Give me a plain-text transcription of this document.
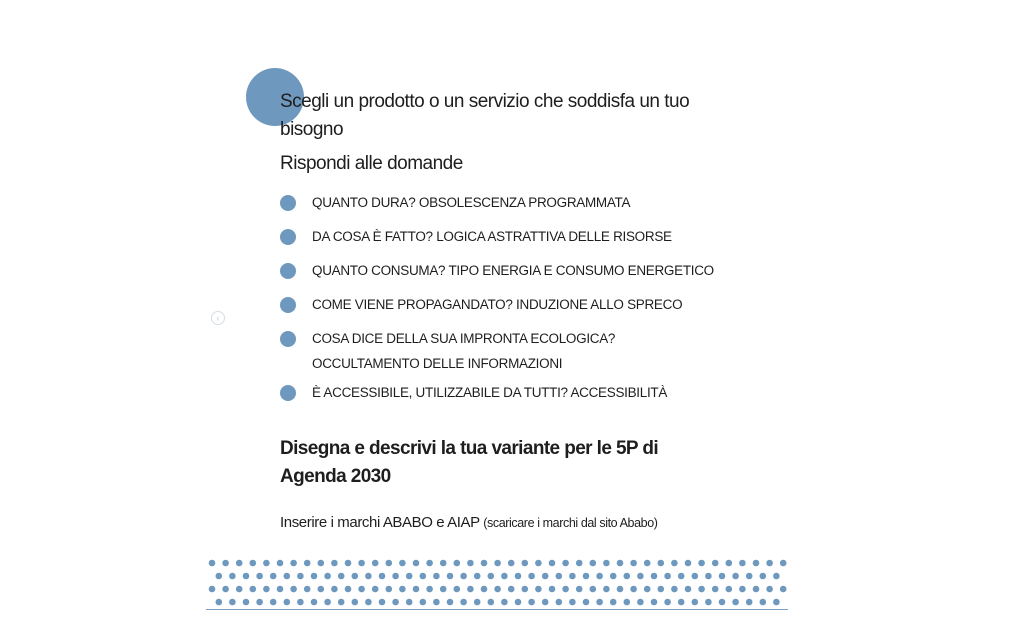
‹
Scegli un prodotto o un servizio che soddisfa un tuo bisogno

Rispondi alle domande

QUANTO DURA? OBSOLESCENZA PROGRAMMATA
DA COSA È FATTO? LOGICA ASTRATTIVA DELLE RISORSE
QUANTO CONSUMA? TIPO ENERGIA E CONSUMO ENERGETICO
COME VIENE PROPAGANDATO? INDUZIONE ALLO SPRECO
COSA DICE DELLA SUA IMPRONTA ECOLOGICA? OCCULTAMENTO DELLE INFORMAZIONI
È ACCESSIBILE, UTILIZZABILE DA TUTTI? ACCESSIBILITÀ
Disegna e descrivi la tua variante per le 5P di Agenda 2030

Inserire i marchi ABABO e AIAP (scaricare i marchi dal sito Ababo)
